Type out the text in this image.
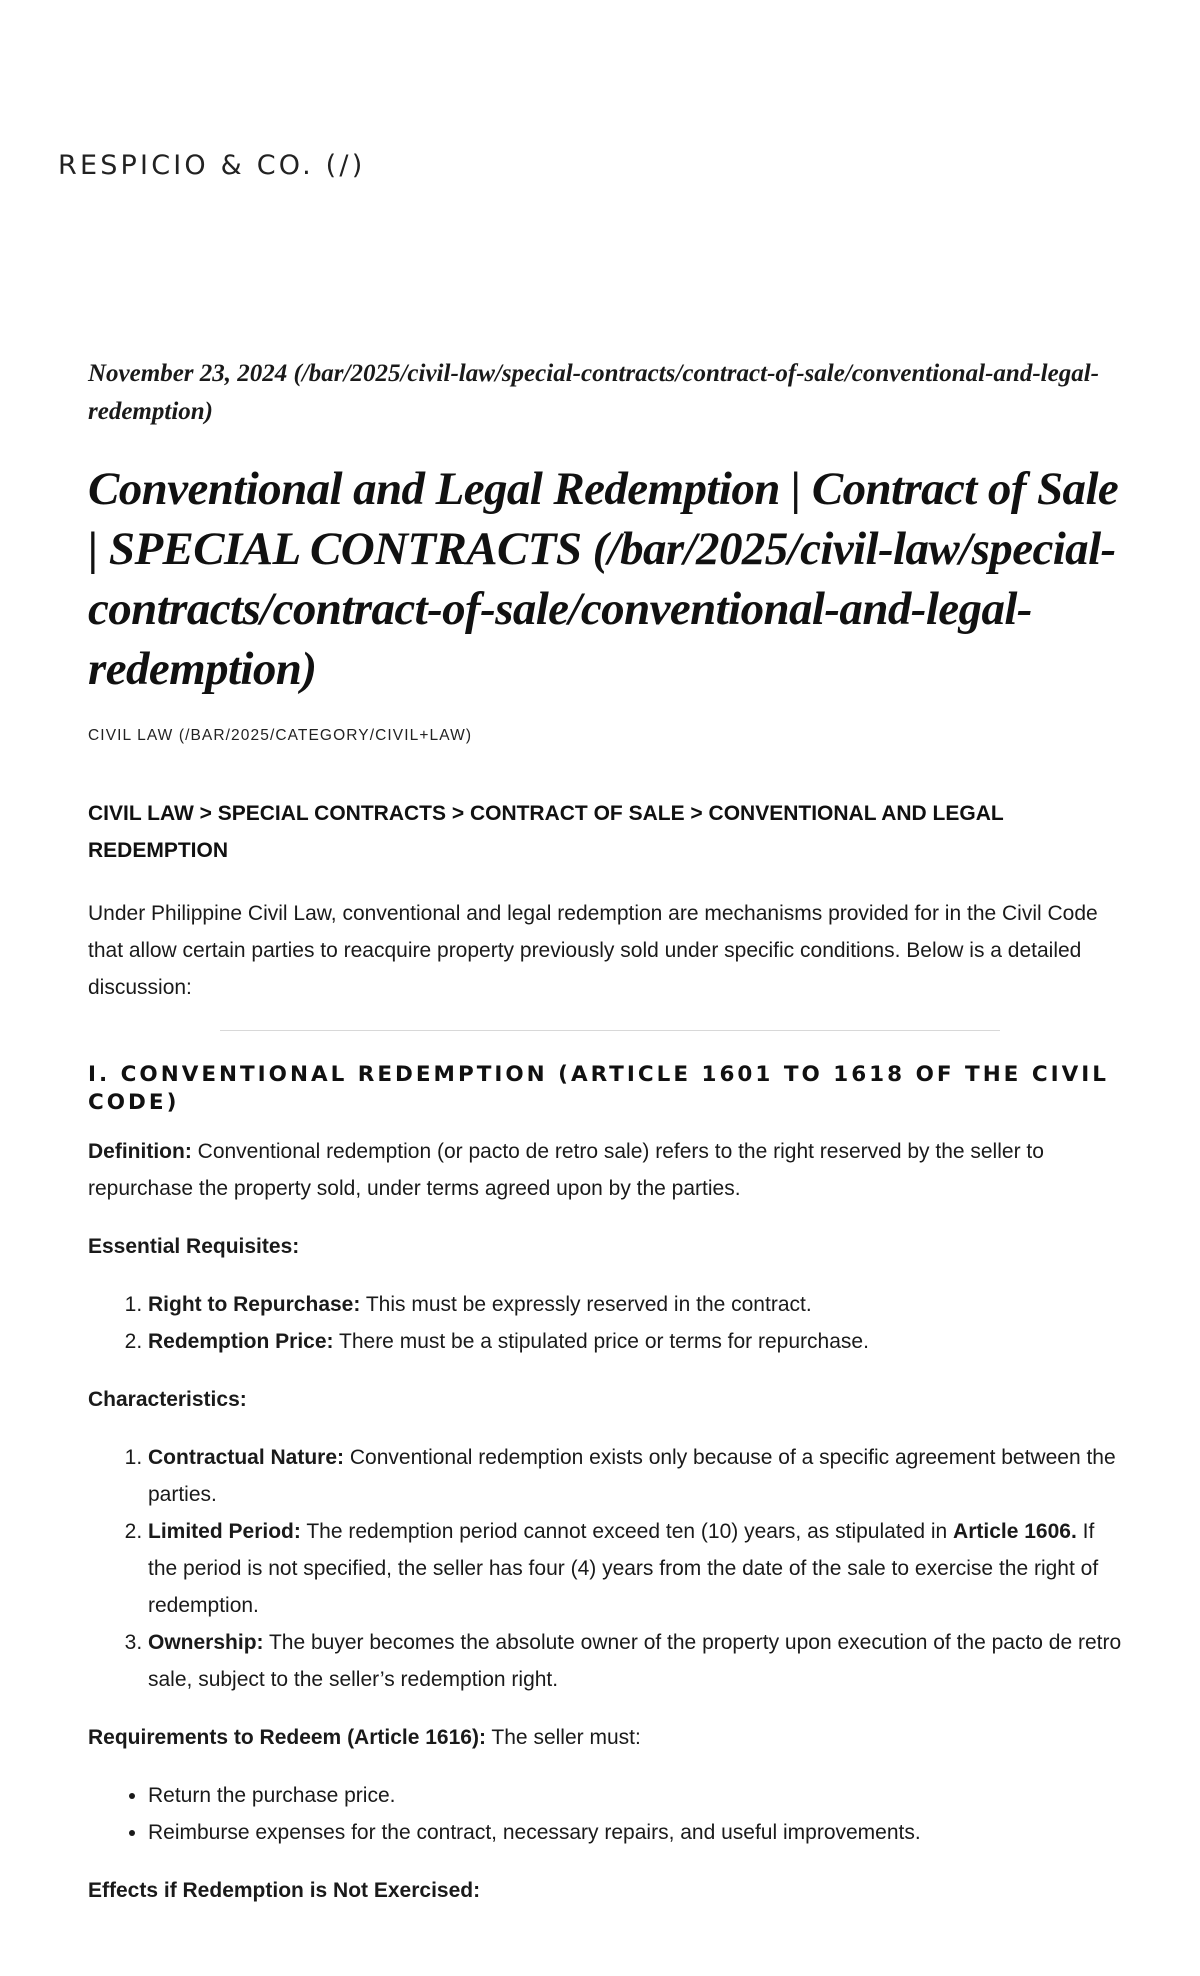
RESPICIO & CO. (/)
November 23, 2024 (/bar/2025/civil-law/special-contracts/contract-of-sale/conventional-and-legal-redemption)
Conventional and Legal Redemption | Contract of Sale | SPECIAL CONTRACTS (/bar/2025/civil-law/special-contracts/contract-of-sale/conventional-and-legal-redemption)
CIVIL LAW (/BAR/2025/CATEGORY/CIVIL+LAW)
CIVIL LAW > SPECIAL CONTRACTS > CONTRACT OF SALE > CONVENTIONAL AND LEGAL REDEMPTION

Under Philippine Civil Law, conventional and legal redemption are mechanisms provided for in the Civil Code that allow certain parties to reacquire property previously sold under specific conditions. Below is a detailed discussion:

I. CONVENTIONAL REDEMPTION (ARTICLE 1601 TO 1618 OF THE CIVIL CODE)

Definition: Conventional redemption (or pacto de retro sale) refers to the right reserved by the seller to repurchase the property sold, under terms agreed upon by the parties.

Essential Requisites:

1. Right to Repurchase: This must be expressly reserved in the contract.
2. Redemption Price: There must be a stipulated price or terms for repurchase.

Characteristics:

1. Contractual Nature: Conventional redemption exists only because of a specific agreement between the parties.
2. Limited Period: The redemption period cannot exceed ten (10) years, as stipulated in Article 1606. If the period is not specified, the seller has four (4) years from the date of the sale to exercise the right of redemption.
3. Ownership: The buyer becomes the absolute owner of the property upon execution of the pacto de retro sale, subject to the seller’s redemption right.

Requirements to Redeem (Article 1616): The seller must:

• Return the purchase price.
• Reimburse expenses for the contract, necessary repairs, and useful improvements.

Effects if Redemption is Not Exercised:
